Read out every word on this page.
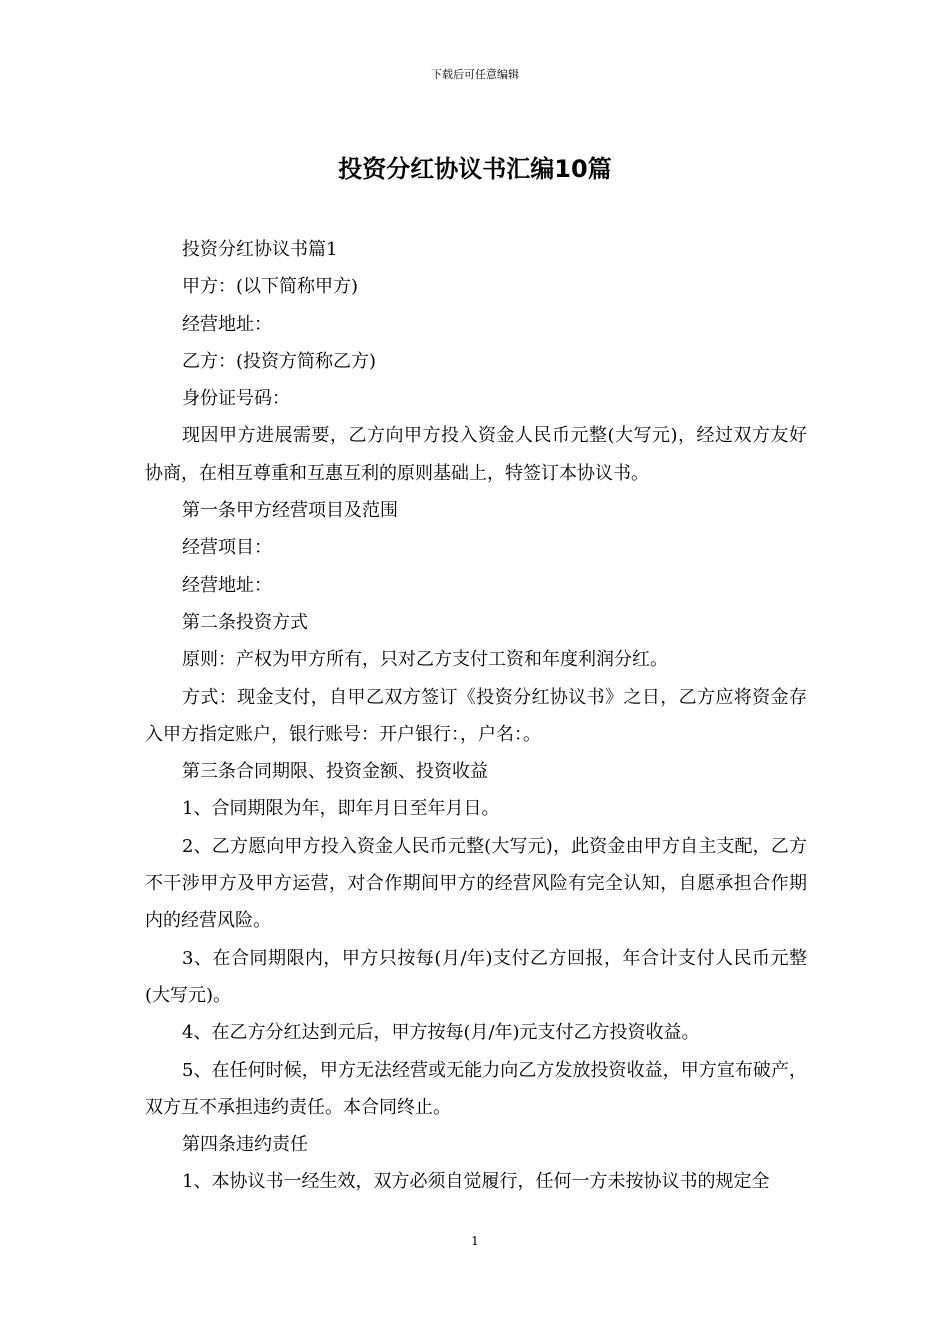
下载后可任意编辑
投资分红协议书汇编10篇

投资分红协议书篇1

甲方：(以下简称甲方)

经营地址：

乙方：(投资方简称乙方)

身份证号码：

现因甲方进展需要，乙方向甲方投入资金人民币元整(大写元)，经过双方友好协商，在相互尊重和互惠互利的原则基础上，特签订本协议书。

第一条甲方经营项目及范围

经营项目：

经营地址：

第二条投资方式

原则：产权为甲方所有，只对乙方支付工资和年度利润分红。

方式：现金支付，自甲乙双方签订《投资分红协议书》之日，乙方应将资金存入甲方指定账户，银行账号：开户银行：，户名：。

第三条合同期限、投资金额、投资收益

1、合同期限为年，即年月日至年月日。

2、乙方愿向甲方投入资金人民币元整(大写元)，此资金由甲方自主支配，乙方不干涉甲方及甲方运营，对合作期间甲方的经营风险有完全认知，自愿承担合作期内的经营风险。

3、在合同期限内，甲方只按每(月/年)支付乙方回报，年合计支付人民币元整(大写元)。

4、在乙方分红达到元后，甲方按每(月/年)元支付乙方投资收益。

5、在任何时候，甲方无法经营或无能力向乙方发放投资收益，甲方宣布破产，双方互不承担违约责任。本合同终止。

第四条违约责任

1、本协议书一经生效，双方必须自觉履行，任何一方未按协议书的规定全

1
